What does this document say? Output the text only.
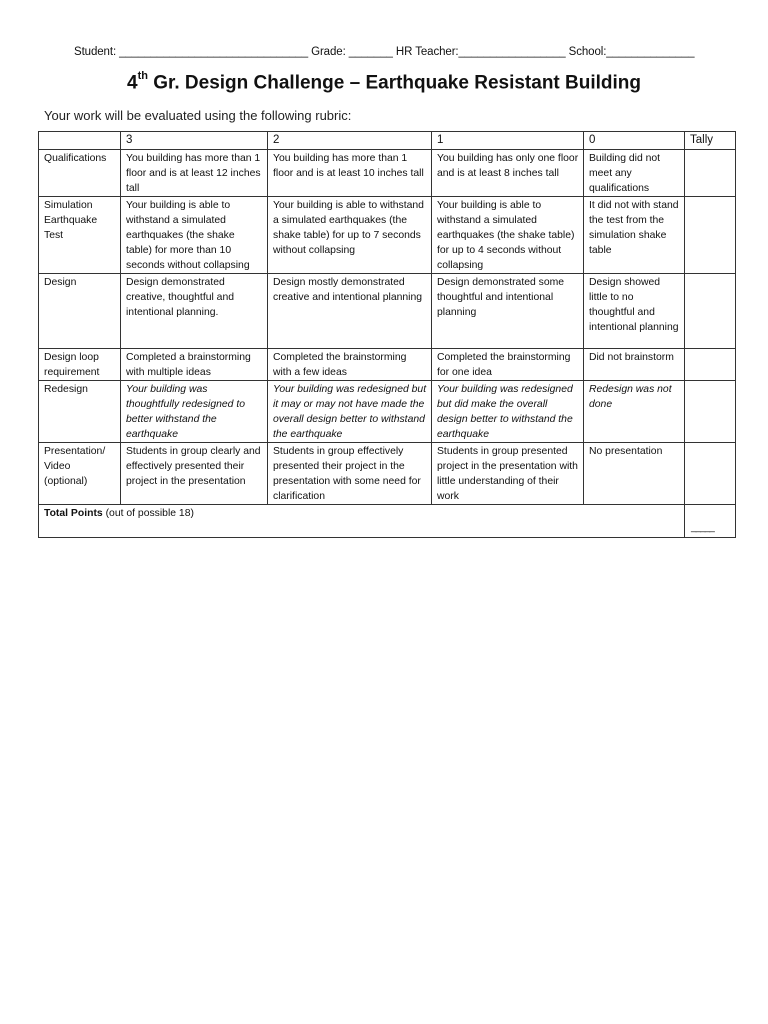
Student: ______________________________ Grade: _______ HR Teacher:_________________ School:______________
4th Gr. Design Challenge – Earthquake Resistant Building
Your work will be evaluated using the following rubric:
	3	2	1	0	Tally
Qualifications	You building has more than 1 floor and is at least 12 inches tall	You building has more than 1 floor and is at least 10 inches tall	You building has only one floor and is at least 8 inches tall	Building did not meet any qualifications	
Simulation Earthquake Test	Your building is able to withstand a simulated earthquakes (the shake table) for more than 10 seconds without collapsing	Your building is able to withstand a simulated earthquakes (the shake table) for up to 7 seconds without collapsing	Your building is able to withstand a simulated earthquakes (the shake table) for up to 4 seconds without collapsing	It did not with stand the test from the simulation shake table	
Design	Design demonstrated creative, thoughtful and intentional planning.	Design mostly demonstrated creative and intentional planning	Design demonstrated some thoughtful and intentional planning	Design showed little to no thoughtful and intentional planning	
Design loop requirement	Completed a brainstorming with multiple ideas	Completed the brainstorming with a few ideas	Completed the brainstorming for one idea	Did not brainstorm	
Redesign	Your building was thoughtfully redesigned to better withstand the earthquake	Your building was redesigned but it may or may not have made the overall design better to withstand the earthquake	Your building was redesigned but did make the overall design better to withstand the earthquake	Redesign was not done	
Presentation/ Video (optional)	Students in group clearly and effectively presented their project in the presentation	Students in group effectively presented their project in the presentation with some need for clarification	Students in group presented project in the presentation with little understanding of their work	No presentation	
Total Points (out of possible 18)					_____
